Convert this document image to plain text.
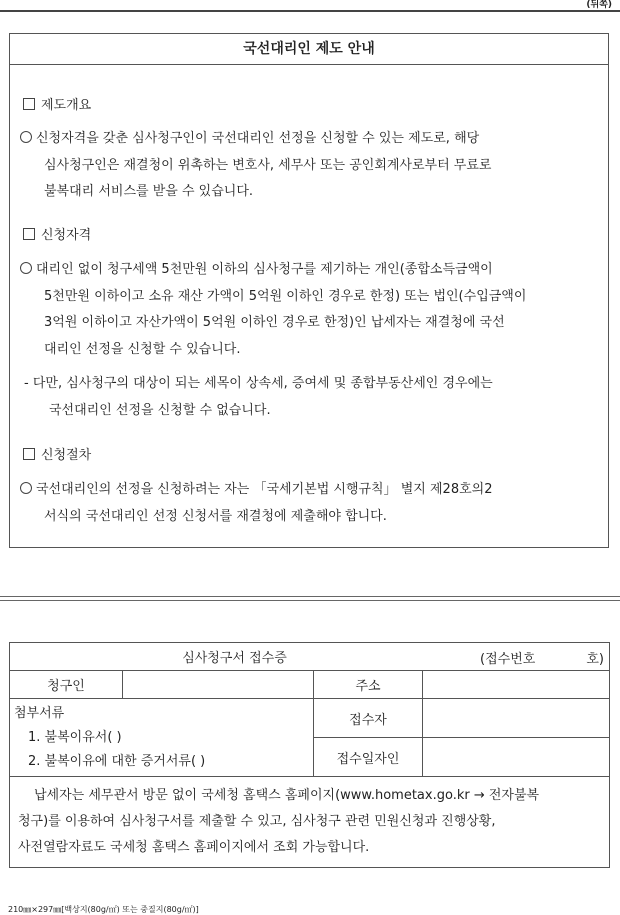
(뒤쪽)
국선대리인 제도 안내
제도개요
신청자격을 갖춘 심사청구인이 국선대리인 선정을 신청할 수 있는 제도로, 해당
심사청구인은 재결청이 위촉하는 변호사, 세무사 또는 공인회계사로부터 무료로
불복대리 서비스를 받을 수 있습니다.
신청자격
대리인 없이 청구세액 5천만원 이하의 심사청구를 제기하는 개인(종합소득금액이
5천만원 이하이고 소유 재산 가액이 5억원 이하인 경우로 한정) 또는 법인(수입금액이
3억원 이하이고 자산가액이 5억원 이하인 경우로 한정)인 납세자는 재결청에 국선
대리인 선정을 신청할 수 있습니다.
- 다만, 심사청구의 대상이 되는 세목이 상속세, 증여세 및 종합부동산세인 경우에는
국선대리인 선정을 신청할 수 없습니다.
신청절차
국선대리인의 선정을 신청하려는 자는 「국세기본법 시행규칙」 별지 제28호의2
서식의 국선대리인 선정 신청서를 재결청에 제출해야 합니다.
심사청구서 접수증 (접수번호 호)			

청구인		주소	

첨부서류
1. 불복이유서( )
2. 불복이유에 대한 증거서류( )		접수자	
		접수일자인	

납세자는 세무관서 방문 없이 국세청 홈택스 홈페이지(www.hometax.go.kr → 전자불복
청구)를 이용하여 심사청구서를 제출할 수 있고, 심사청구 관련 민원신청과 진행상황,
사전열람자료도 국세청 홈택스 홈페이지에서 조회 가능합니다.			
210㎜×297㎜[백상지(80g/㎡) 또는 중질지(80g/㎡)]
